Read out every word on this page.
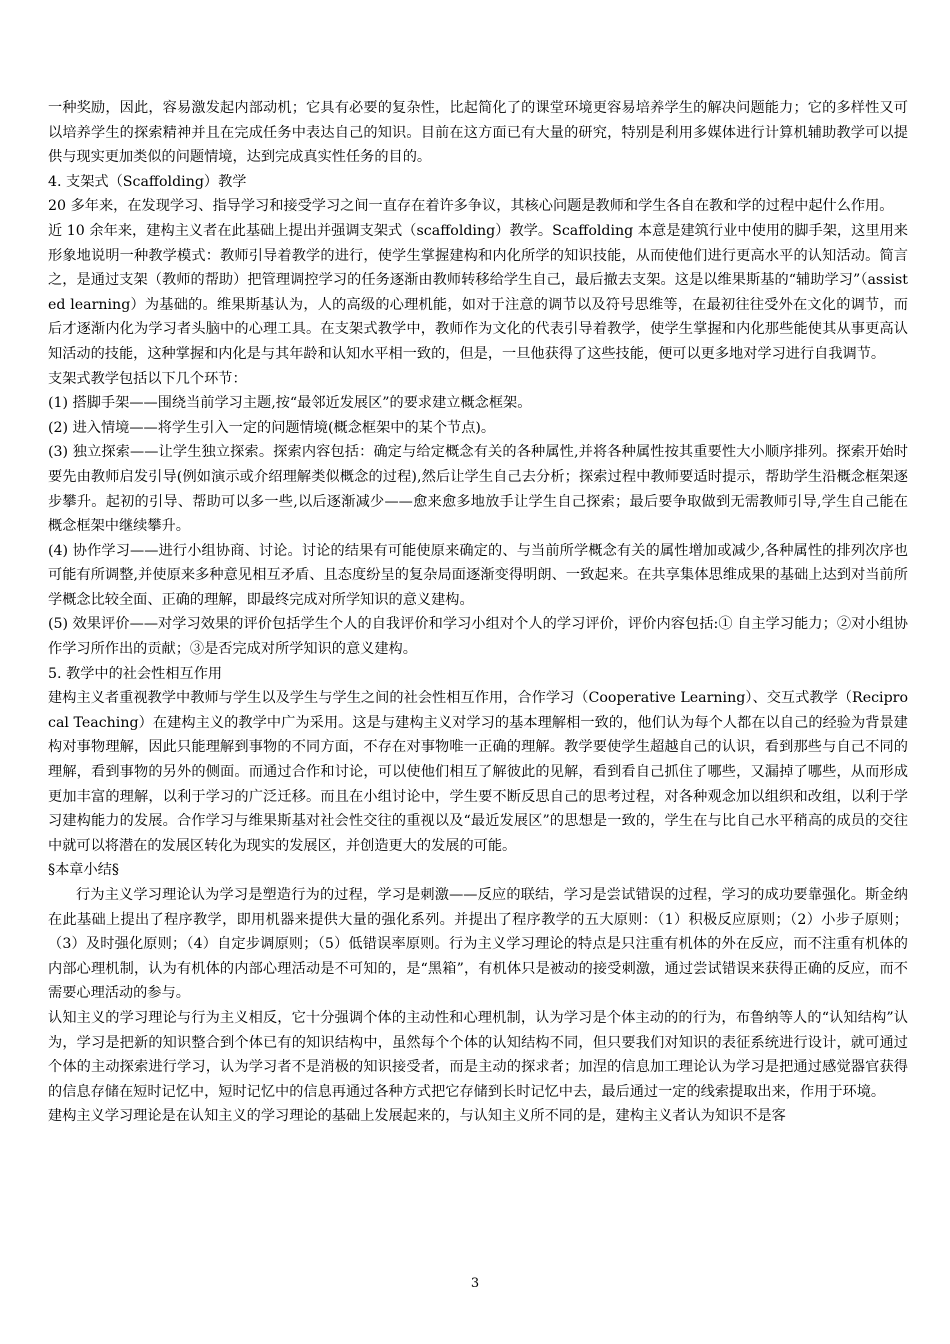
一种奖励，因此，容易激发起内部动机；它具有必要的复杂性，比起简化了的课堂环境更容易培养学生的解决问题能力；它的多样性又可以培养学生的探索精神并且在完成任务中表达自己的知识。目前在这方面已有大量的研究，特别是利用多媒体进行计算机辅助教学可以提供与现实更加类似的问题情境，达到完成真实性任务的目的。

4. 支架式（Scaffolding）教学

20 多年来，在发现学习、指导学习和接受学习之间一直存在着许多争议，其核心问题是教师和学生各自在教和学的过程中起什么作用。

近 10 余年来，建构主义者在此基础上提出并强调支架式（scaffolding）教学。Scaffolding 本意是建筑行业中使用的脚手架，这里用来形象地说明一种教学模式：教师引导着教学的进行，使学生掌握建构和内化所学的知识技能，从而使他们进行更高水平的认知活动。简言之，是通过支架（教师的帮助）把管理调控学习的任务逐渐由教师转移给学生自己，最后撤去支架。这是以维果斯基的“辅助学习”（assisted learning）为基础的。维果斯基认为，人的高级的心理机能，如对于注意的调节以及符号思维等，在最初往往受外在文化的调节，而后才逐渐内化为学习者头脑中的心理工具。在支架式教学中，教师作为文化的代表引导着教学，使学生掌握和内化那些能使其从事更高认知活动的技能，这种掌握和内化是与其年龄和认知水平相一致的，但是，一旦他获得了这些技能，便可以更多地对学习进行自我调节。

支架式教学包括以下几个环节：

(1) 搭脚手架——围绕当前学习主题,按“最邻近发展区”的要求建立概念框架。

(2) 进入情境——将学生引入一定的问题情境(概念框架中的某个节点)。

(3) 独立探索——让学生独立探索。探索内容包括：确定与给定概念有关的各种属性,并将各种属性按其重要性大小顺序排列。探索开始时要先由教师启发引导(例如演示或介绍理解类似概念的过程),然后让学生自己去分析；探索过程中教师要适时提示，帮助学生沿概念框架逐步攀升。起初的引导、帮助可以多一些,以后逐渐减少——愈来愈多地放手让学生自己探索；最后要争取做到无需教师引导,学生自己能在概念框架中继续攀升。

(4) 协作学习——进行小组协商、讨论。讨论的结果有可能使原来确定的、与当前所学概念有关的属性增加或减少,各种属性的排列次序也可能有所调整,并使原来多种意见相互矛盾、且态度纷呈的复杂局面逐渐变得明朗、一致起来。在共享集体思维成果的基础上达到对当前所学概念比较全面、正确的理解，即最终完成对所学知识的意义建构。

(5) 效果评价——对学习效果的评价包括学生个人的自我评价和学习小组对个人的学习评价，评价内容包括:① 自主学习能力；②对小组协作学习所作出的贡献；③是否完成对所学知识的意义建构。

5. 教学中的社会性相互作用

建构主义者重视教学中教师与学生以及学生与学生之间的社会性相互作用，合作学习（Cooperative Learning）、交互式教学（Reciprocal Teaching）在建构主义的教学中广为采用。这是与建构主义对学习的基本理解相一致的，他们认为每个人都在以自己的经验为背景建构对事物理解，因此只能理解到事物的不同方面，不存在对事物唯一正确的理解。教学要使学生超越自己的认识，看到那些与自己不同的理解，看到事物的另外的侧面。而通过合作和讨论，可以使他们相互了解彼此的见解，看到看自己抓住了哪些，又漏掉了哪些，从而形成更加丰富的理解，以利于学习的广泛迁移。而且在小组讨论中，学生要不断反思自己的思考过程，对各种观念加以组织和改组，以利于学习建构能力的发展。合作学习与维果斯基对社会性交往的重视以及“最近发展区”的思想是一致的，学生在与比自己水平稍高的成员的交往中就可以将潜在的发展区转化为现实的发展区，并创造更大的发展的可能。

§本章小结§

行为主义学习理论认为学习是塑造行为的过程，学习是刺激——反应的联结，学习是尝试错误的过程，学习的成功要靠强化。斯金纳在此基础上提出了程序教学，即用机器来提供大量的强化系列。并提出了程序教学的五大原则：（1）积极反应原则；（2）小步子原则；（3）及时强化原则；（4）自定步调原则；（5）低错误率原则。行为主义学习理论的特点是只注重有机体的外在反应，而不注重有机体的内部心理机制，认为有机体的内部心理活动是不可知的，是“黑箱”，有机体只是被动的接受刺激，通过尝试错误来获得正确的反应，而不需要心理活动的参与。

认知主义的学习理论与行为主义相反，它十分强调个体的主动性和心理机制，认为学习是个体主动的的行为，布鲁纳等人的“认知结构”认为，学习是把新的知识整合到个体已有的知识结构中，虽然每个个体的认知结构不同，但只要我们对知识的表征系统进行设计，就可通过个体的主动探索进行学习，认为学习者不是消极的知识接受者，而是主动的探求者；加涅的信息加工理论认为学习是把通过感觉器官获得的信息存储在短时记忆中，短时记忆中的信息再通过各种方式把它存储到长时记忆中去，最后通过一定的线索提取出来，作用于环境。

建构主义学习理论是在认知主义的学习理论的基础上发展起来的，与认知主义所不同的是，建构主义者认为知识不是客

3
